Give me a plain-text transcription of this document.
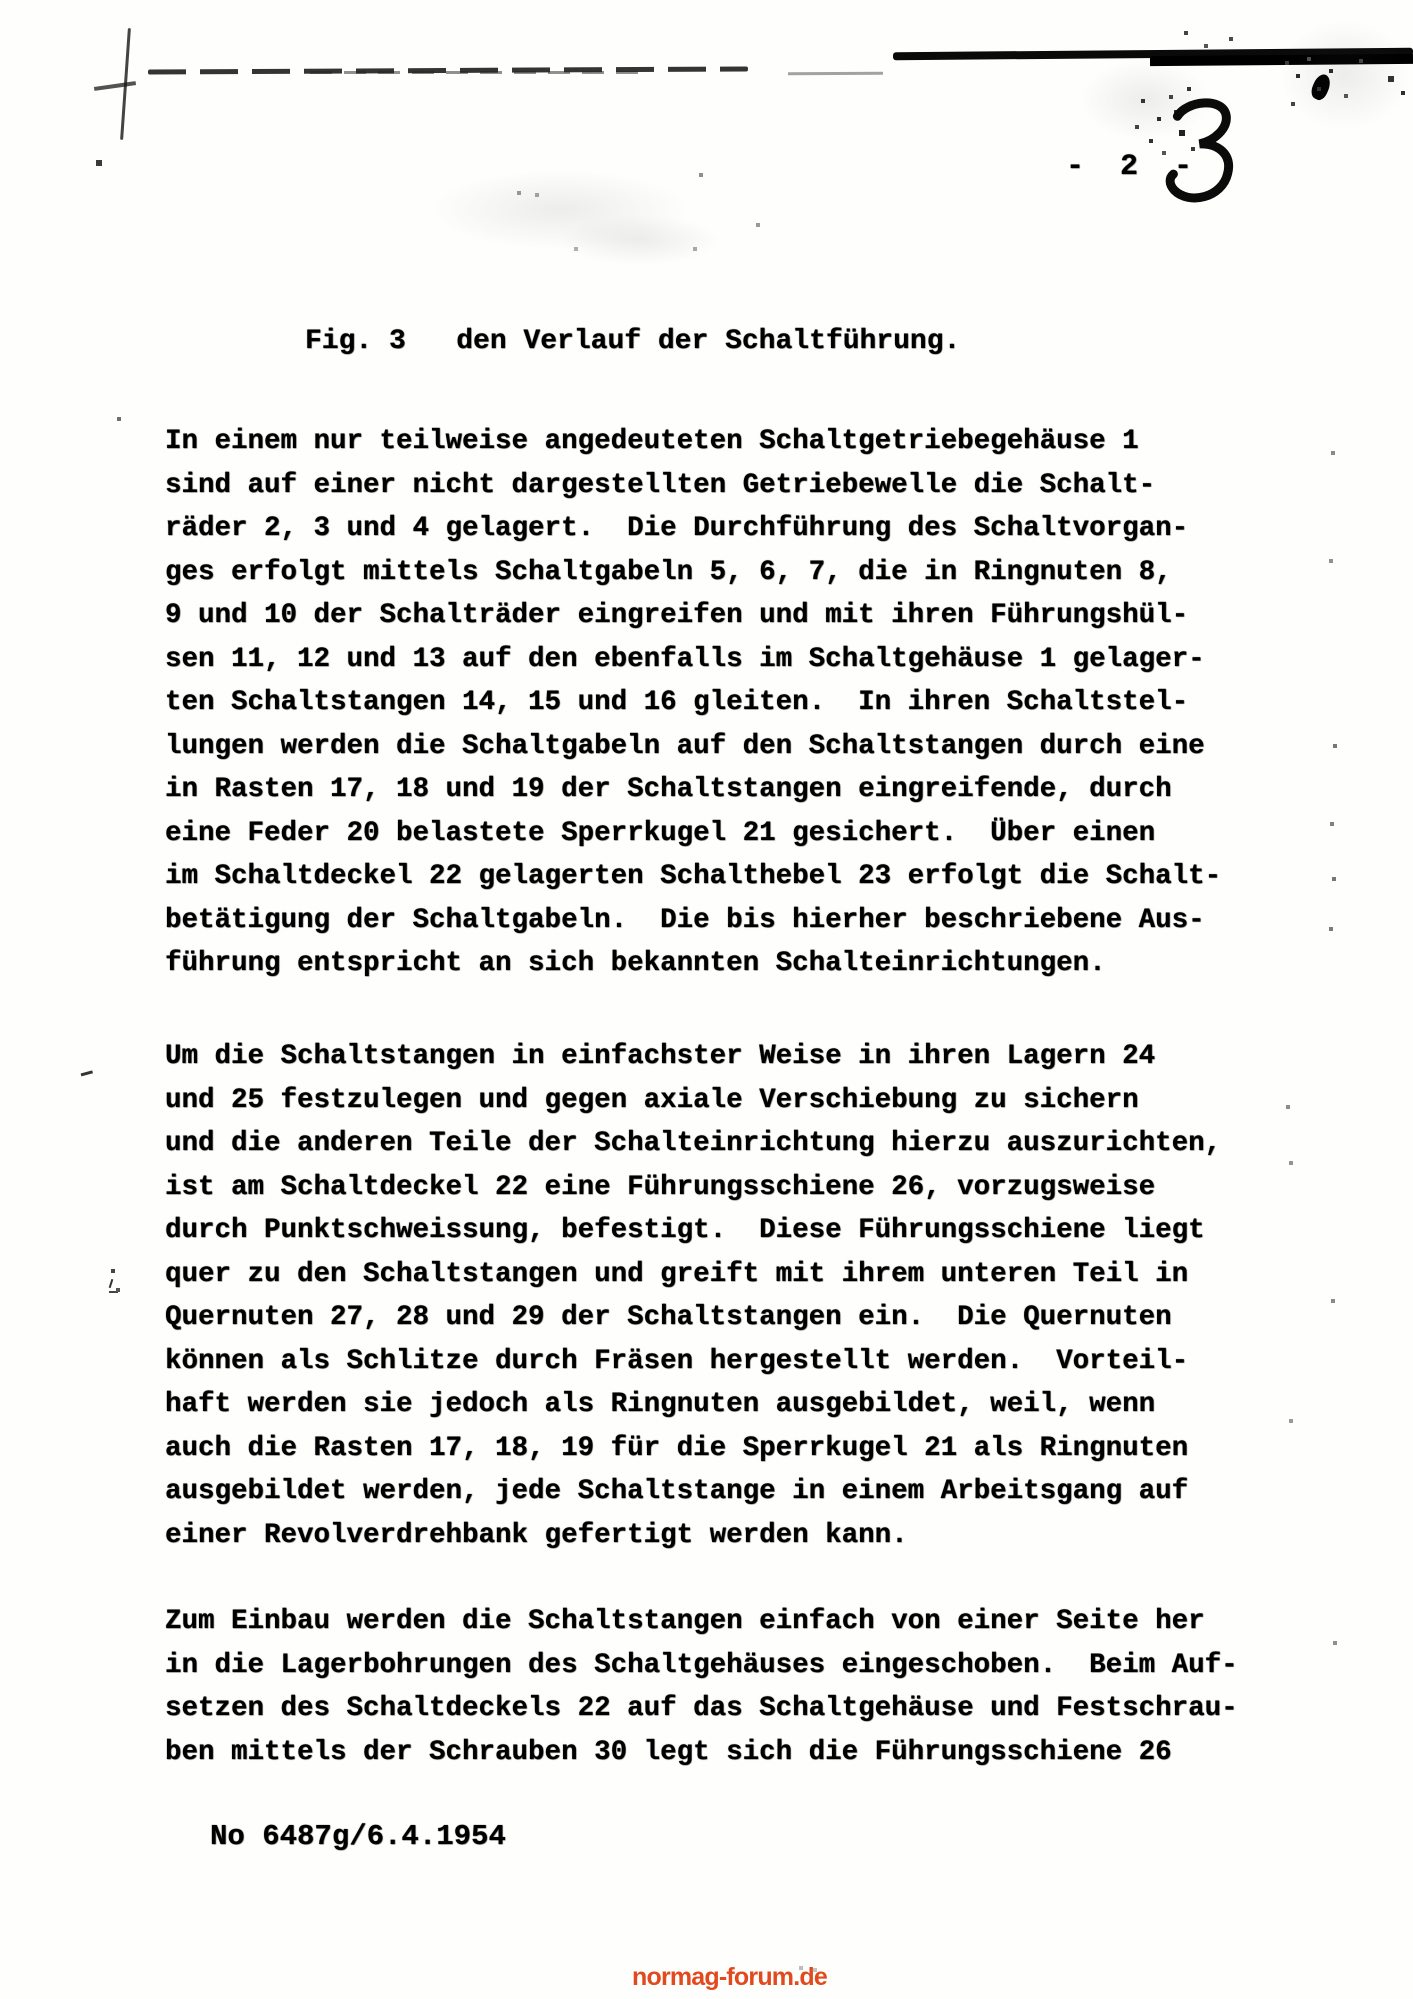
- 2 -
Fig. 3   den Verlauf der Schaltführung.
In einem nur teilweise angedeuteten Schaltgetriebegehäuse 1
sind auf einer nicht dargestellten Getriebewelle die Schalt-
räder 2, 3 und 4 gelagert.  Die Durchführung des Schaltvorgan-
ges erfolgt mittels Schaltgabeln 5, 6, 7, die in Ringnuten 8,
9 und 10 der Schalträder eingreifen und mit ihren Führungshül-
sen 11, 12 und 13 auf den ebenfalls im Schaltgehäuse 1 gelager-
ten Schaltstangen 14, 15 und 16 gleiten.  In ihren Schaltstel-
lungen werden die Schaltgabeln auf den Schaltstangen durch eine
in Rasten 17, 18 und 19 der Schaltstangen eingreifende, durch
eine Feder 20 belastete Sperrkugel 21 gesichert.  Über einen
im Schaltdeckel 22 gelagerten Schalthebel 23 erfolgt die Schalt-
betätigung der Schaltgabeln.  Die bis hierher beschriebene Aus-
führung entspricht an sich bekannten Schalteinrichtungen.
Um die Schaltstangen in einfachster Weise in ihren Lagern 24
und 25 festzulegen und gegen axiale Verschiebung zu sichern
und die anderen Teile der Schalteinrichtung hierzu auszurichten,
ist am Schaltdeckel 22 eine Führungsschiene 26, vorzugsweise
durch Punktschweissung, befestigt.  Diese Führungsschiene liegt
quer zu den Schaltstangen und greift mit ihrem unteren Teil in
Quernuten 27, 28 und 29 der Schaltstangen ein.  Die Quernuten
können als Schlitze durch Fräsen hergestellt werden.  Vorteil-
haft werden sie jedoch als Ringnuten ausgebildet, weil, wenn
auch die Rasten 17, 18, 19 für die Sperrkugel 21 als Ringnuten
ausgebildet werden, jede Schaltstange in einem Arbeitsgang auf
einer Revolverdrehbank gefertigt werden kann.
Zum Einbau werden die Schaltstangen einfach von einer Seite her
in die Lagerbohrungen des Schaltgehäuses eingeschoben.  Beim Auf-
setzen des Schaltdeckels 22 auf das Schaltgehäuse und Festschrau-
ben mittels der Schrauben 30 legt sich die Führungsschiene 26
No 6487g/6.4.1954
normag-forum.de
